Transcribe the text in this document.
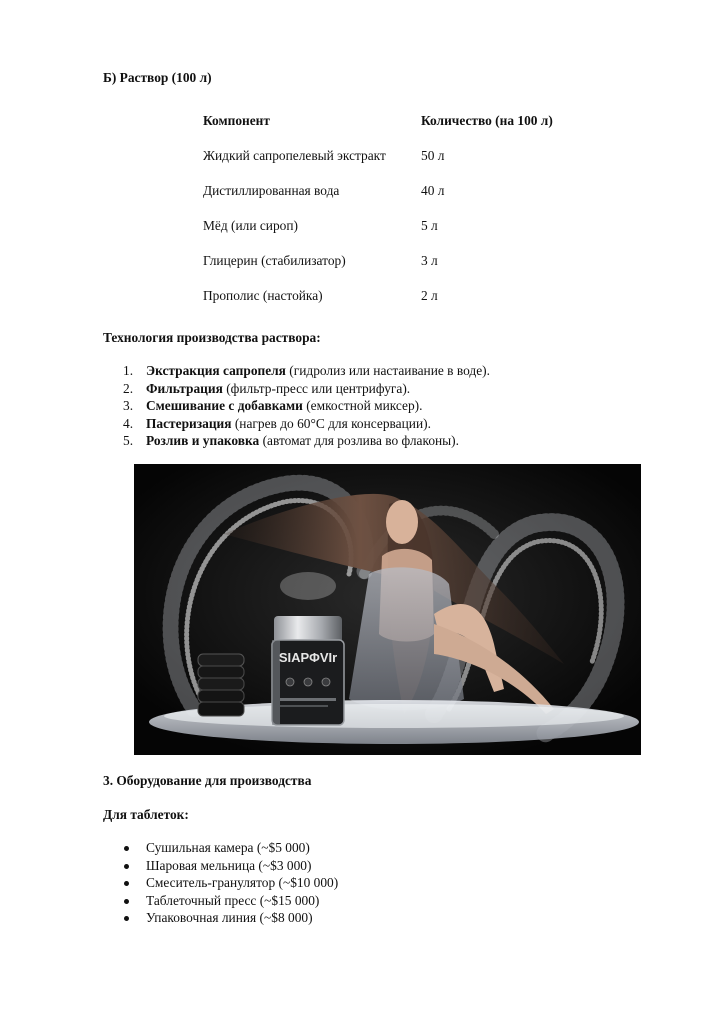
Б) Раствор (100 л)
Компонент	Количество (на 100 л)
Жидкий сапропелевый экстракт	50 л
Дистиллированная вода	40 л
Мёд (или сироп)	5 л
Глицерин (стабилизатор)	3 л
Прополис (настойка)	2 л
Технология производства раствора:
1. Экстракция сапропеля (гидролиз или настаивание в воде).
2. Фильтрация (фильтр-пресс или центрифуга).
3. Смешивание с добавками (емкостной миксер).
4. Пастеризация (нагрев до 60°C для консервации).
5. Розлив и упаковка (автомат для розлива во флаконы).
SIAPΦVIr
3. Оборудование для производства
Для таблеток:
Сушильная камера (~$5 000)
Шаровая мельница (~$3 000)
Смеситель-гранулятор (~$10 000)
Таблеточный пресс (~$15 000)
Упаковочная линия (~$8 000)
